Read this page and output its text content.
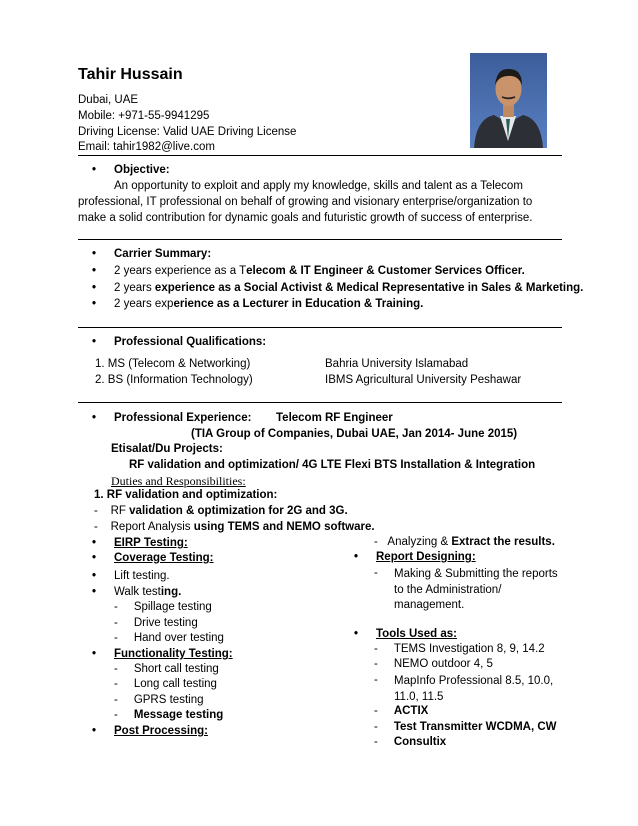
Tahir Hussain
Dubai, UAE
Mobile: +971-55-9941295
Driving License: Valid UAE Driving License
Email: tahir1982@live.com
• Objective:
An opportunity to exploit and apply my knowledge, skills and talent as a Telecom
professional, IT professional on behalf of growing and visionary enterprise/organization to
make a solid contribution for dynamic goals and futuristic growth of success of enterprise.
• Carrier Summary:
• 2 years experience as a Telecom & IT Engineer & Customer Services Officer.
• 2 years experience as a Social Activist & Medical Representative in Sales & Marketing.
• 2 years experience as a Lecturer in Education & Training.
• Professional Qualifications:
1. MS (Telecom & Networking)	Bahria University Islamabad
2. BS (Information Technology)	IBMS Agricultural University Peshawar
• Professional Experience: Telecom RF Engineer
(TIA Group of Companies, Dubai UAE, Jan 2014- June 2015)
Etisalat/Du Projects:
RF validation and optimization/ 4G LTE Flexi BTS Installation & Integration
Duties and Responsibilities:
1. RF validation and optimization:
-    RF validation & optimization for 2G and 3G.
-    Report Analysis using TEMS and NEMO software.
• EIRP Testing:
• Coverage Testing:
• Lift testing.
• Walk testing.
-     Spillage testing
-     Drive testing
-     Hand over testing
• Functionality Testing:
-     Short call testing
-     Long call testing
-     GPRS testing
-     Message testing
• Post Processing:
-   Analyzing & Extract the results.
• Report Designing:
- Making & Submitting the reports to the Administration/ management.
• Tools Used as:
-     TEMS Investigation 8, 9, 14.2
-     NEMO outdoor 4, 5
- MapInfo Professional 8.5, 10.0, 11.0, 11.5
-     ACTIX
-     Test Transmitter WCDMA, CW
-     Consultix
